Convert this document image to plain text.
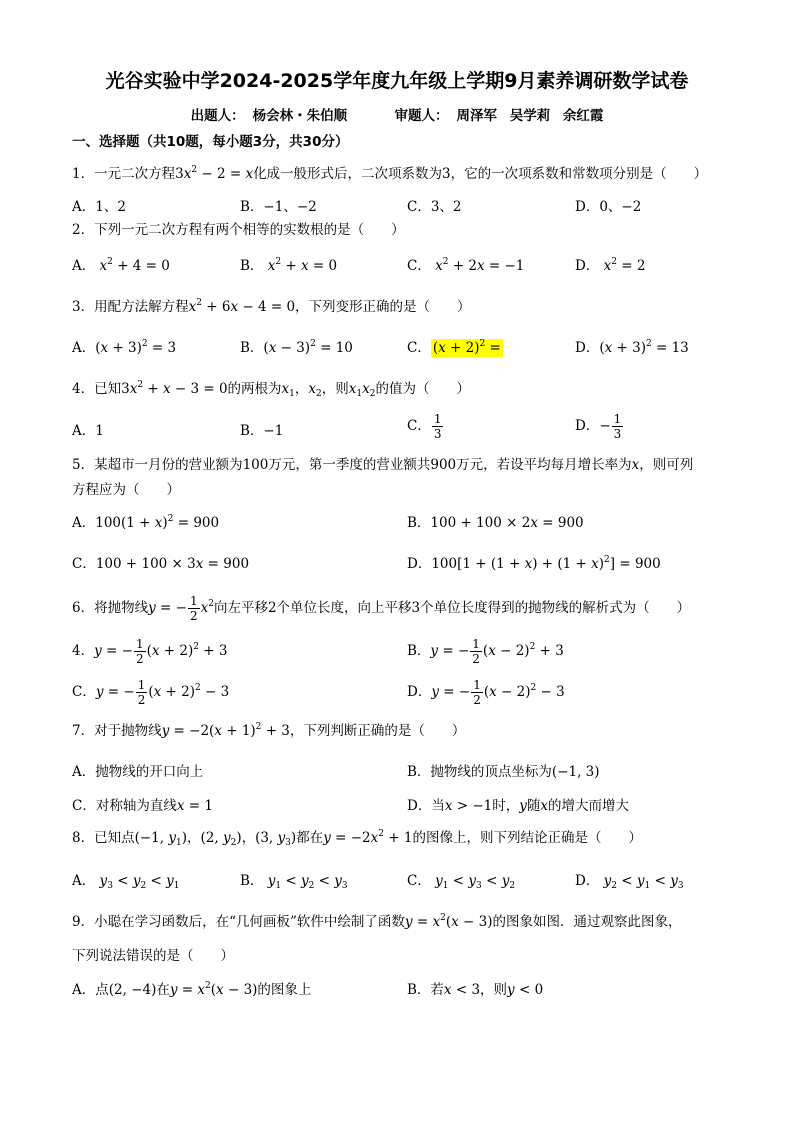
光谷实验中学2024-2025学年度九年级上学期9月素养调研数学试卷
出题人： 杨会林・朱伯顺	审题人： 周泽军 吴学莉 余红霞
一、选择题（共10题，每小题3分，共30分）
1．一元二次方程$3x^2 - 2 = x$化成一般形式后，二次项系数为3，它的一次项系数和常数项分别是（　　）
A．1、2	B．−1、−2	C．3、2	D．0、−2
2．下列一元二次方程有两个相等的实数根的是（　　）
A． $x^2 + 4 = 0$	B． $x^2 + x = 0$	C． $x^2 + 2x = -1$	D． $x^2 = 2$
3．用配方法解方程$x^2 + 6x - 4 = 0$，下列变形正确的是（　　）
A．$(x + 3)^2 = 3$	B．$(x - 3)^2 = 10$	C． $(x + 2)^2$ =	D．$(x + 3)^2 = 13$
4．已知$3x^2 + x - 3 = 0$的两根为$x_1$，$x_2$，则$x_1x_2$的值为（　　）
A．1	B．−1	C． $\frac{1}{3}$	D．− $\frac{1}{3}$
5．某超市一月份的营业额为100万元，第一季度的营业额共900万元，若设平均每月增长率为x，则可列
方程应为（　　）
A．$100(1 + x)^2 = 900$	B．100 + 100 × 2x = 900
C．100 + 100 × 3x = 900	D．$100[1 + (1 + x) + (1 + x)^2] = 900$
6．将抛物线y = − $\frac{1}{2} x^2$向左平移2个单位长度，向上平移3个单位长度得到的抛物线的解析式为（　　）
4．y = − $\frac{1}{2} (x + 2)^2 + 3$	B．y = − $\frac{1}{2} (x - 2)^2 + 3$
C．y = − $\frac{1}{2} (x + 2)^2 - 3$	D．y = − $\frac{1}{2} (x - 2)^2 - 3$
7．对于抛物线$y = -2(x + 1)^2 + 3$，下列判断正确的是（　　）
A．抛物线的开口向上	B．抛物线的顶点坐标为(−1, 3)
C．对称轴为直线x = 1	D．当x > −1时，y随x的增大而增大
8．已知点(−1, $y_1$)，(2, $y_2$)，(3, $y_3$)都在$y = -2x^2 + 1$的图像上，则下列结论正确是（　　）
A． $y_3 < y_2 < y_1$	B． $y_1 < y_2 < y_3$	C． $y_1 < y_3 < y_2$	D． $y_2 < y_1 < y_3$
9．小聪在学习函数后，在“几何画板”软件中绘制了函数$y = x^2(x - 3)$的图象如图．通过观察此图象，
下列说法错误的是（　　）
A．点(2, −4)在$y = x^2(x - 3)$的图象上	B．若x < 3，则y < 0
